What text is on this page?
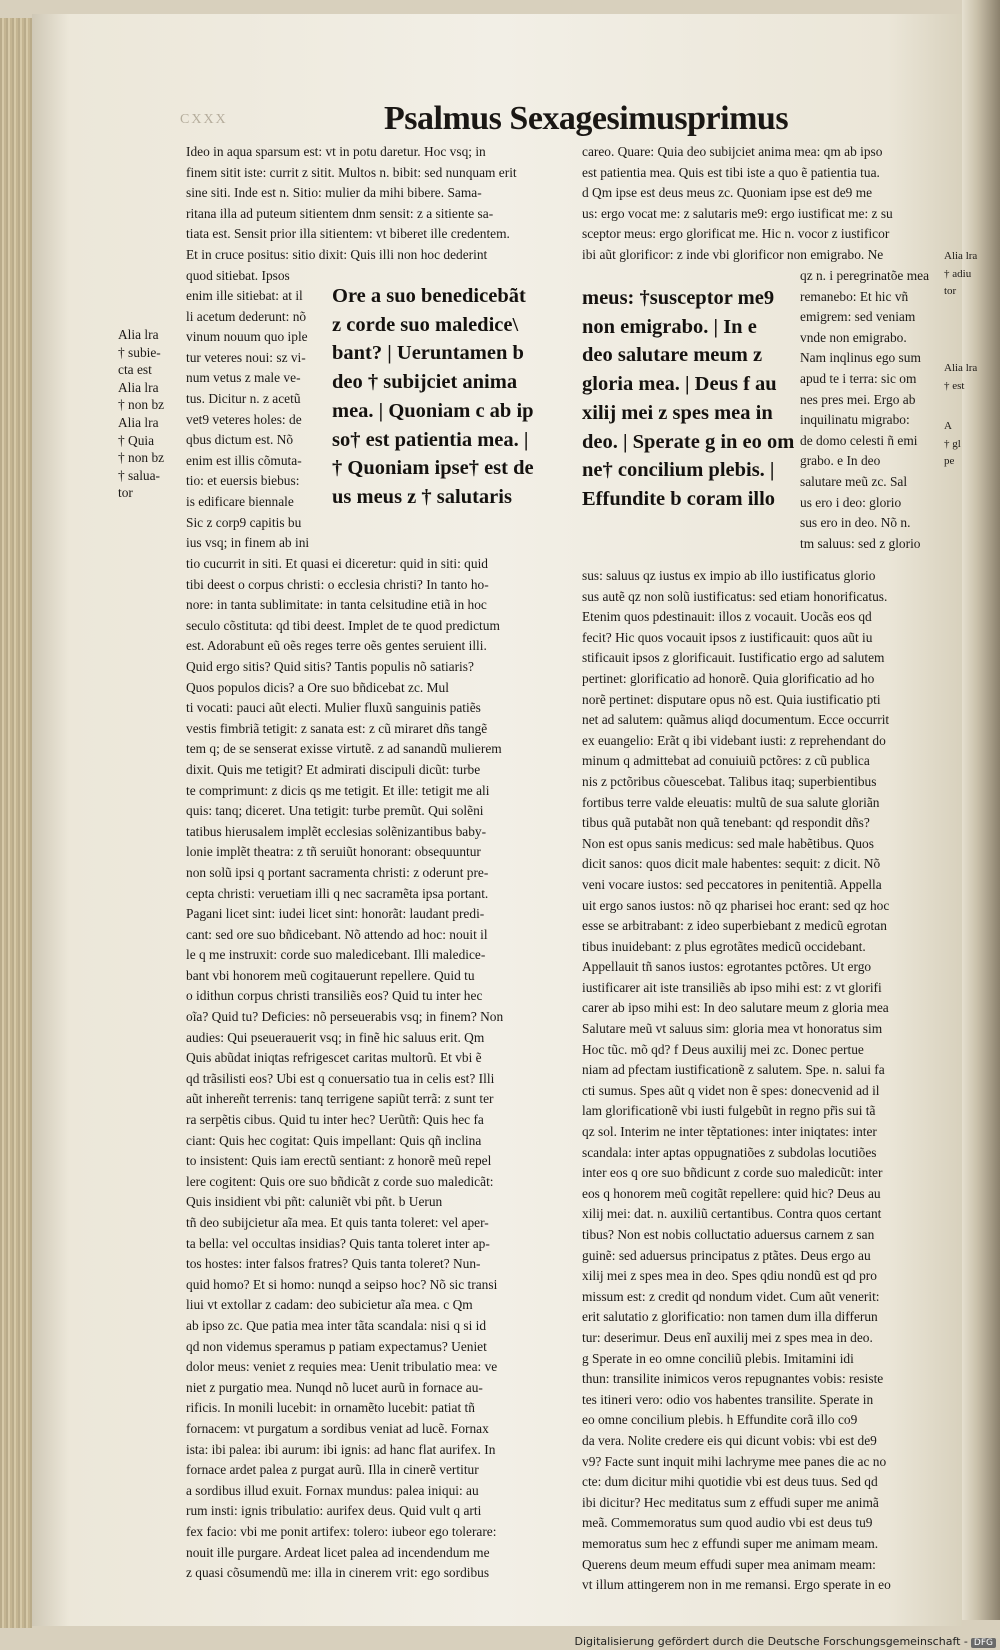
CXXX	Psalmus Sexagesimusprimus

Ideo in aqua sparsum est: vt in potu daretur. Hoc vsq; in

finem sitit iste: currit z sitit. Multos n. bibit: sed nunquam erit

sine siti. Inde est n. Sitio: mulier da mihi bibere. Sama-

ritana illa ad puteum sitientem dnm sensit: z a sitiente sa-

tiata est. Sensit prior illa sitientem: vt biberet ille credentem.

Et in cruce positus: sitio dixit: Quis illi non hoc dederint

quod sitiebat. Ipsos

enim ille sitiebat: at il

li acetum dederunt: nõ

vinum nouum quo iple

tur veteres noui: sz vi-

num vetus z male ve-

tus. Dicitur n. z acetũ

vet9 veteres holes: de

qbus dictum est. Nõ

enim est illis cõmuta-

tio: et euersis biebus:

is edificare biennale

Sic z corp9 capitis bu

ius vsq; in finem ab ini

Ore a suo benedicebãt

z corde suo maledice\

bant? | Ueruntamen b

deo † subijciet anima

mea. | Quoniam c ab ip

so† est patientia mea. |

† Quoniam ipse† est de

us meus z † salutaris

tio cucurrit in siti. Et quasi ei diceretur: quid in siti: quid

tibi deest o corpus christi: o ecclesia christi? In tanto ho-

nore: in tanta sublimitate: in tanta celsitudine etiã in hoc

seculo cõstituta: qd tibi deest. Implet de te quod predictum

est. Adorabunt eũ oẽs reges terre oẽs gentes seruient illi.

Quid ergo sitis? Quid sitis? Tantis populis nõ satiaris?

Quos populos dicis? a Ore suo bñdicebat zc. Mul

ti vocati: pauci aũt electi. Mulier fluxũ sanguinis patiẽs

vestis fimbriã tetigit: z sanata est: z cũ miraret dñs tangẽ

tem q; de se senserat exisse virtutẽ. z ad sanandũ mulierem

dixit. Quis me tetigit? Et admirati discipuli dicũt: turbe

te comprimunt: z dicis qs me tetigit. Et ille: tetigit me ali

quis: tanq; diceret. Una tetigit: turbe premũt. Qui solẽni

tatibus hierusalem implẽt ecclesias solẽnizantibus baby-

lonie implẽt theatra: z tñ seruiũt honorant: obsequuntur

non solũ ipsi q portant sacramenta christi: z oderunt pre-

cepta christi: veruetiam illi q nec sacramẽta ipsa portant.

Pagani licet sint: iudei licet sint: honorãt: laudant predi-

cant: sed ore suo bñdicebant. Nõ attendo ad hoc: nouit il

le q me instruxit: corde suo maledicebant. Illi maledice-

bant vbi honorem meũ cogitauerunt repellere. Quid tu

o idithun corpus christi transiliẽs eos? Quid tu inter hec

oĩa? Quid tu? Deficies: nõ perseuerabis vsq; in finem? Non

audies: Qui pseuerauerit vsq; in finẽ hic saluus erit. Qm

Quis abũdat iniqtas refrigescet caritas multorũ. Et vbi ẽ

qd trãsilisti eos? Ubi est q conuersatio tua in celis est? Illi

aũt inhereñt terrenis: tanq terrigene sapiũt terrã: z sunt ter

ra serpẽtis cibus. Quid tu inter hec? Uerũtñ: Quis hec fa

ciant: Quis hec cogitat: Quis impellant: Quis qñ inclina

to insistent: Quis iam erectũ sentiant: z honorẽ meũ repel

lere cogitent: Quis ore suo bñdicãt z corde suo maledicãt:

Quis insidient vbi pñt: caluniẽt vbi pñt. b Uerun

tñ deo subijcietur aĩa mea. Et quis tanta toleret: vel aper-

ta bella: vel occultas insidias? Quis tanta toleret inter ap-

tos hostes: inter falsos fratres? Quis tanta toleret? Nun-

quid homo? Et si homo: nunqd a seipso hoc? Nõ sic transi

liui vt extollar z cadam: deo subicietur aĩa mea. c Qm

ab ipso zc. Que patia mea inter tãta scandala: nisi q si id

qd non videmus speramus p patiam expectamus? Ueniet

dolor meus: veniet z requies mea: Uenit tribulatio mea: ve

niet z purgatio mea. Nunqd nõ lucet aurũ in fornace au-

rificis. In monili lucebit: in ornamẽto lucebit: patiat tñ

fornacem: vt purgatum a sordibus veniat ad lucẽ. Fornax

ista: ibi palea: ibi aurum: ibi ignis: ad hanc flat aurifex. In

fornace ardet palea z purgat aurũ. Illa in cinerẽ vertitur

a sordibus illud exuit. Fornax mundus: palea iniqui: au

rum insti: ignis tribulatio: aurifex deus. Quid vult q arti

fex facio: vbi me ponit artifex: tolero: iubeor ego tolerare:

nouit ille purgare. Ardeat licet palea ad incendendum me

z quasi cõsumendũ me: illa in cinerem vrit: ego sordibus

careo. Quare: Quia deo subijciet anima mea: qm ab ipso

est patientia mea. Quis est tibi iste a quo ẽ patientia tua.

d Qm ipse est deus meus zc. Quoniam ipse est de9 me

us: ergo vocat me: z salutaris me9: ergo iustificat me: z su

sceptor meus: ergo glorificat me. Hic n. vocor z iustificor

ibi aũt glorificor: z inde vbi glorificor non emigrabo. Ne

meus: †susceptor me9

non emigrabo. | In e

deo salutare meum z

gloria mea. | Deus f au

xilij mei z spes mea in

deo. | Sperate g in eo om

ne† concilium plebis. |

Effundite b coram illo

qz n. i peregrinatõe mea

remanebo: Et hic vñ

emigrem: sed veniam

vnde non emigrabo.

Nam inqlinus ego sum

apud te i terra: sic om

nes pres mei. Ergo ab

inquilinatu migrabo:

de domo celesti ñ emi

grabo. e In deo

salutare meũ zc. Sal

us ero i deo: glorio

sus ero in deo. Nõ n.

tm saluus: sed z glorio

sus: saluus qz iustus ex impio ab illo iustificatus glorio

sus autẽ qz non solũ iustificatus: sed etiam honorificatus.

Etenim quos pdestinauit: illos z vocauit. Uocãs eos qd

fecit? Hic quos vocauit ipsos z iustificauit: quos aũt iu

stificauit ipsos z glorificauit. Iustificatio ergo ad salutem

pertinet: glorificatio ad honorẽ. Quia glorificatio ad ho

norẽ pertinet: disputare opus nõ est. Quia iustificatio pti

net ad salutem: quãmus aliqd documentum. Ecce occurrit

ex euangelio: Erãt q ibi videbant iusti: z reprehendant do

minum q admittebat ad conuiuiũ pctõres: z cũ publica

nis z pctõribus cõuescebat. Talibus itaq; superbientibus

fortibus terre valde eleuatis: multũ de sua salute gloriãn

tibus quã putabãt non quã tenebant: qd respondit dñs?

Non est opus sanis medicus: sed male habẽtibus. Quos

dicit sanos: quos dicit male habentes: sequit: z dicit. Nõ

veni vocare iustos: sed peccatores in penitentiã. Appella

uit ergo sanos iustos: nõ qz pharisei hoc erant: sed qz hoc

esse se arbitrabant: z ideo superbiebant z medicũ egrotan

tibus inuidebant: z plus egrotãtes medicũ occidebant.

Appellauit tñ sanos iustos: egrotantes pctõres. Ut ergo

iustificarer ait iste transiliẽs ab ipso mihi est: z vt glorifi

carer ab ipso mihi est: In deo salutare meum z gloria mea

Salutare meũ vt saluus sim: gloria mea vt honoratus sim

Hoc tũc. mõ qd? f Deus auxilij mei zc. Donec pertue

niam ad pfectam iustificationẽ z salutem. Spe. n. salui fa

cti sumus. Spes aũt q videt non ẽ spes: donecvenid ad il

lam glorificationẽ vbi iusti fulgebũt in regno pr̃is sui tã

qz sol. Interim ne inter tẽptationes: inter iniqtates: inter

scandala: inter aptas oppugnatiões z subdolas locutiões

inter eos q ore suo bñdicunt z corde suo maledicũt: inter

eos q honorem meũ cogitãt repellere: quid hic? Deus au

xilij mei: dat. n. auxiliũ certantibus. Contra quos certant

tibus? Non est nobis colluctatio aduersus carnem z san

guinẽ: sed aduersus principatus z ptãtes. Deus ergo au

xilij mei z spes mea in deo. Spes qdiu nondũ est qd pro

missum est: z credit qd nondum videt. Cum aũt venerit:

erit salutatio z glorificatio: non tamen dum illa differun

tur: deserimur. Deus enĩ auxilij mei z spes mea in deo.

g Sperate in eo omne conciliũ plebis. Imitamini idi

thun: transilite inimicos veros repugnantes vobis: resiste

tes itineri vero: odio vos habentes transilite. Sperate in

eo omne concilium plebis. h Effundite corã illo co9

da vera. Nolite credere eis qui dicunt vobis: vbi est de9

v9? Facte sunt inquit mihi lachryme mee panes die ac no

cte: dum dicitur mihi quotidie vbi est deus tuus. Sed qd

ibi dicitur? Hec meditatus sum z effudi super me animã

meã. Commemoratus sum quod audio vbi est deus tu9

memoratus sum hec z effundi super me animam meam.

Querens deum meum effudi super mea animam meam:

vt illum attingerem non in me remansi. Ergo sperate in eo

Alia lra

† subie-

cta est

Alia lra

† non bz

Alia lra

† Quia

† non bz

† salua-

tor

Alia lra

† adiu

tor

Alia lra

† est

A

† gl

pe

Digitalisierung gefördert durch die Deutsche Forschungsgemeinschaft - DFG
